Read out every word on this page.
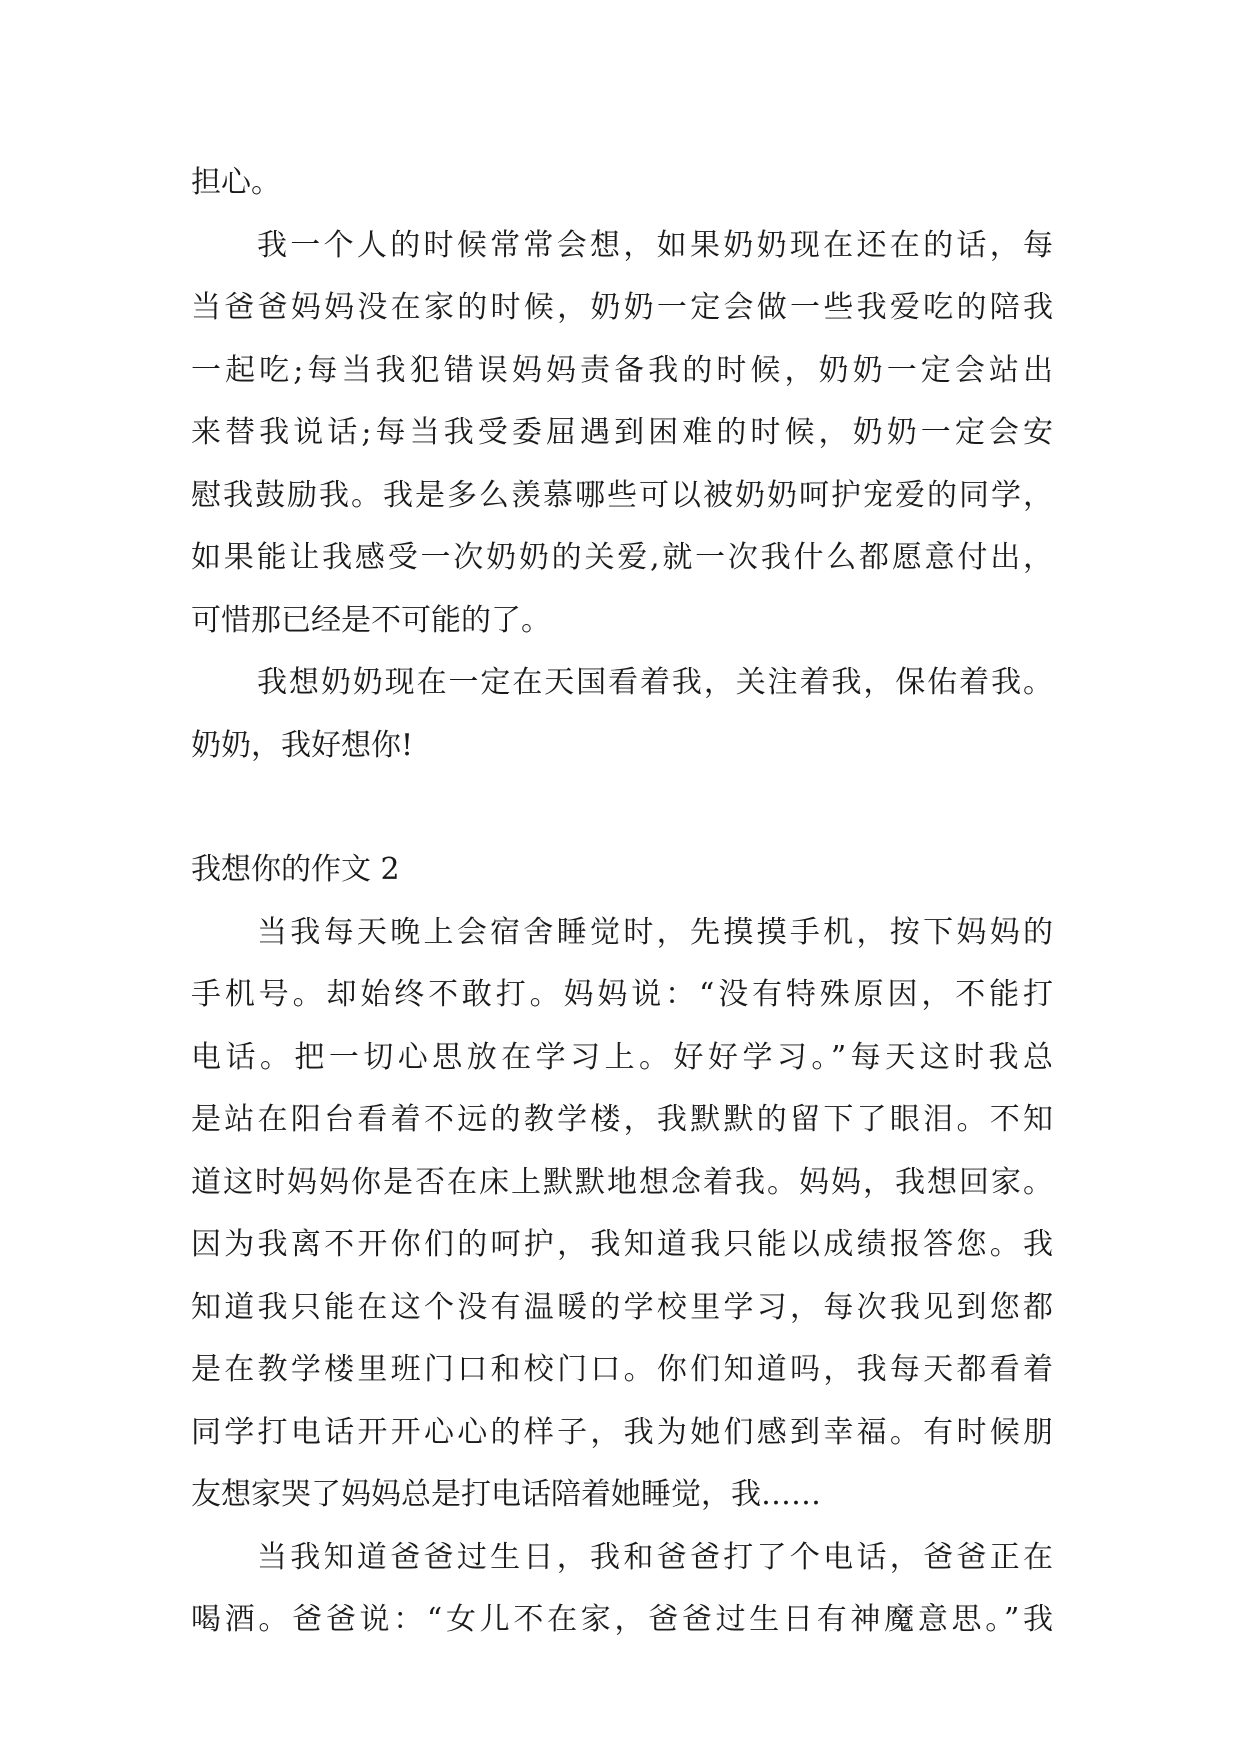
担心。
我一个人的时候常常会想，如果奶奶现在还在的话，每
当爸爸妈妈没在家的时候，奶奶一定会做一些我爱吃的陪我
一起吃;每当我犯错误妈妈责备我的时候，奶奶一定会站出
来替我说话;每当我受委屈遇到困难的时候，奶奶一定会安
慰我鼓励我。我是多么羡慕哪些可以被奶奶呵护宠爱的同学，
如果能让我感受一次奶奶的关爱,就一次我什么都愿意付出，
可惜那已经是不可能的了。
我想奶奶现在一定在天国看着我，关注着我，保佑着我。
奶奶，我好想你!
我想你的作文 2
当我每天晚上会宿舍睡觉时，先摸摸手机，按下妈妈的
手机号。却始终不敢打。妈妈说：“没有特殊原因，不能打
电话。把一切心思放在学习上。好好学习。”每天这时我总
是站在阳台看着不远的教学楼，我默默的留下了眼泪。不知
道这时妈妈你是否在床上默默地想念着我。妈妈，我想回家。
因为我离不开你们的呵护，我知道我只能以成绩报答您。我
知道我只能在这个没有温暖的学校里学习，每次我见到您都
是在教学楼里班门口和校门口。你们知道吗，我每天都看着
同学打电话开开心心的样子，我为她们感到幸福。有时候朋
友想家哭了妈妈总是打电话陪着她睡觉，我……
当我知道爸爸过生日，我和爸爸打了个电话，爸爸正在
喝酒。爸爸说：“女儿不在家，爸爸过生日有神魔意思。”我
